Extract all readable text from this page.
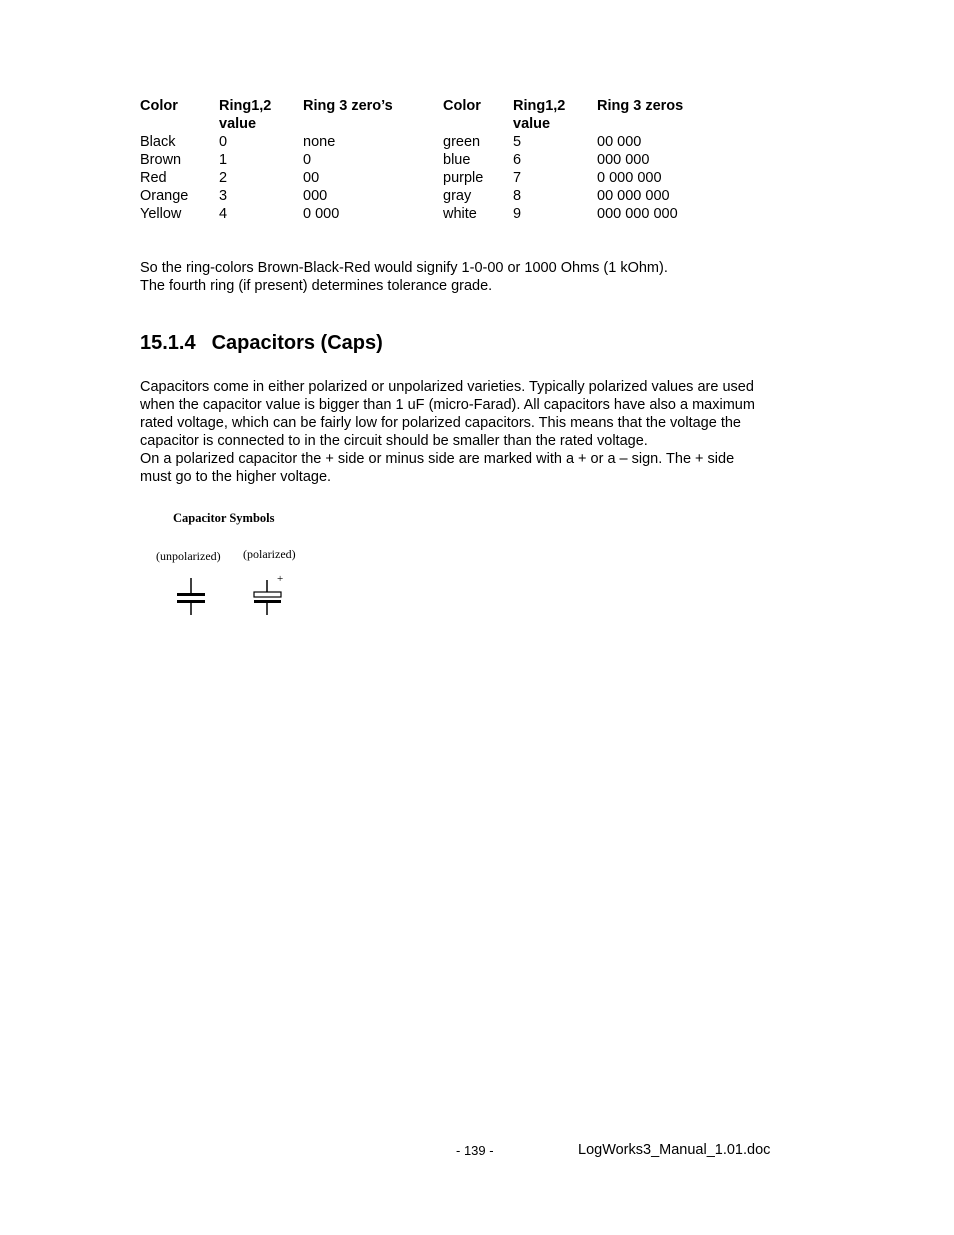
Color	Ring1,2 value	Ring 3 zero’s	Color	Ring1,2 value	Ring 3 zeros
Black	0	none	green	5	00 000
Brown	1	0	blue	6	000 000
Red	2	00	purple	7	0 000 000
Orange	3	000	gray	8	00 000 000
Yellow	4	0 000	white	9	000 000 000
So the ring-colors Brown-Black-Red would signify 1-0-00 or 1000 Ohms (1 kOhm).
The fourth ring (if present) determines tolerance grade.
15.1.4 Capacitors (Caps)
Capacitors come in either polarized or unpolarized varieties. Typically polarized values are used
when the capacitor value is bigger than 1 uF (micro-Farad). All capacitors have also a maximum
rated voltage, which can be fairly low for polarized capacitors. This means that the voltage the
capacitor is connected to in the circuit should be smaller than the rated voltage.
On a polarized capacitor the + side or minus side are marked with a + or a – sign. The + side
must go to the higher voltage.
Capacitor Symbols
(unpolarized) (polarized)
+
- 139 -	LogWorks3_Manual_1.01.doc
